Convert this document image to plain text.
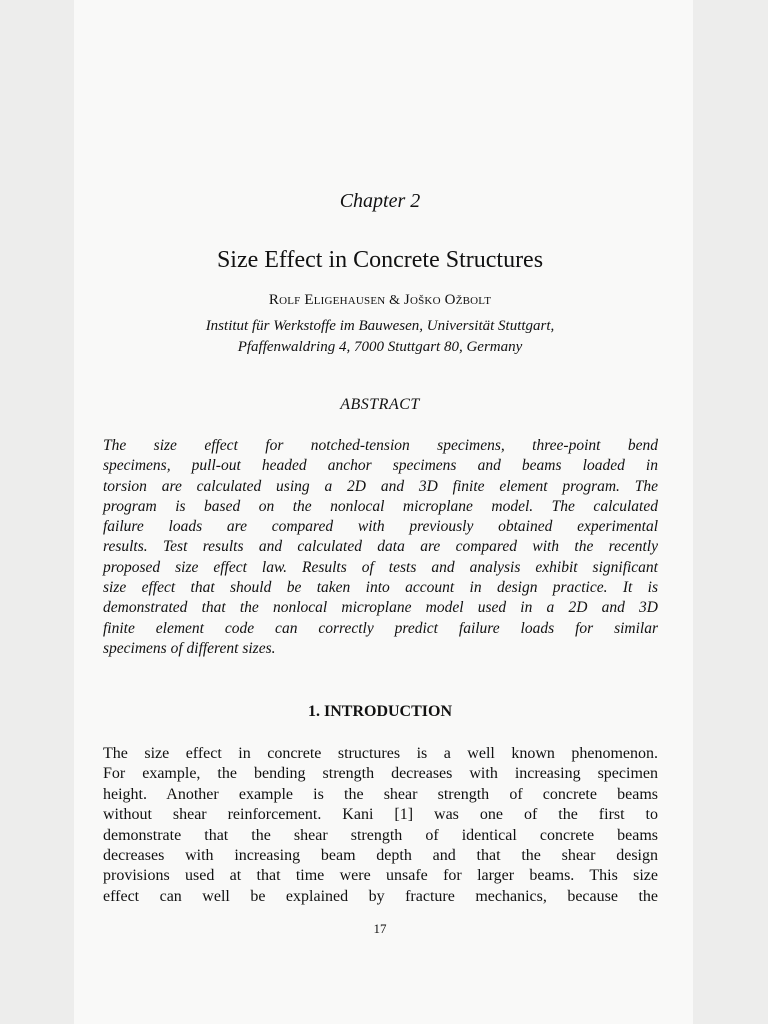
Chapter 2
Size Effect in Concrete Structures
Rolf Eligehausen & Joško Ožbolt
Institut für Werkstoffe im Bauwesen, Universität Stuttgart,
Pfaffenwaldring 4, 7000 Stuttgart 80, Germany
ABSTRACT
The size effect for notched-tension specimens, three-point bend
specimens, pull-out headed anchor specimens and beams loaded in
torsion are calculated using a 2D and 3D finite element program. The
program is based on the nonlocal microplane model. The calculated
failure loads are compared with previously obtained experimental
results. Test results and calculated data are compared with the recently
proposed size effect law. Results of tests and analysis exhibit significant
size effect that should be taken into account in design practice. It is
demonstrated that the nonlocal microplane model used in a 2D and 3D
finite element code can correctly predict failure loads for similar
specimens of different sizes.
1. INTRODUCTION
The size effect in concrete structures is a well known phenomenon.
For example, the bending strength decreases with increasing specimen
height. Another example is the shear strength of concrete beams
without shear reinforcement. Kani [1] was one of the first to
demonstrate that the shear strength of identical concrete beams
decreases with increasing beam depth and that the shear design
provisions used at that time were unsafe for larger beams. This size
effect can well be explained by fracture mechanics, because the
17
